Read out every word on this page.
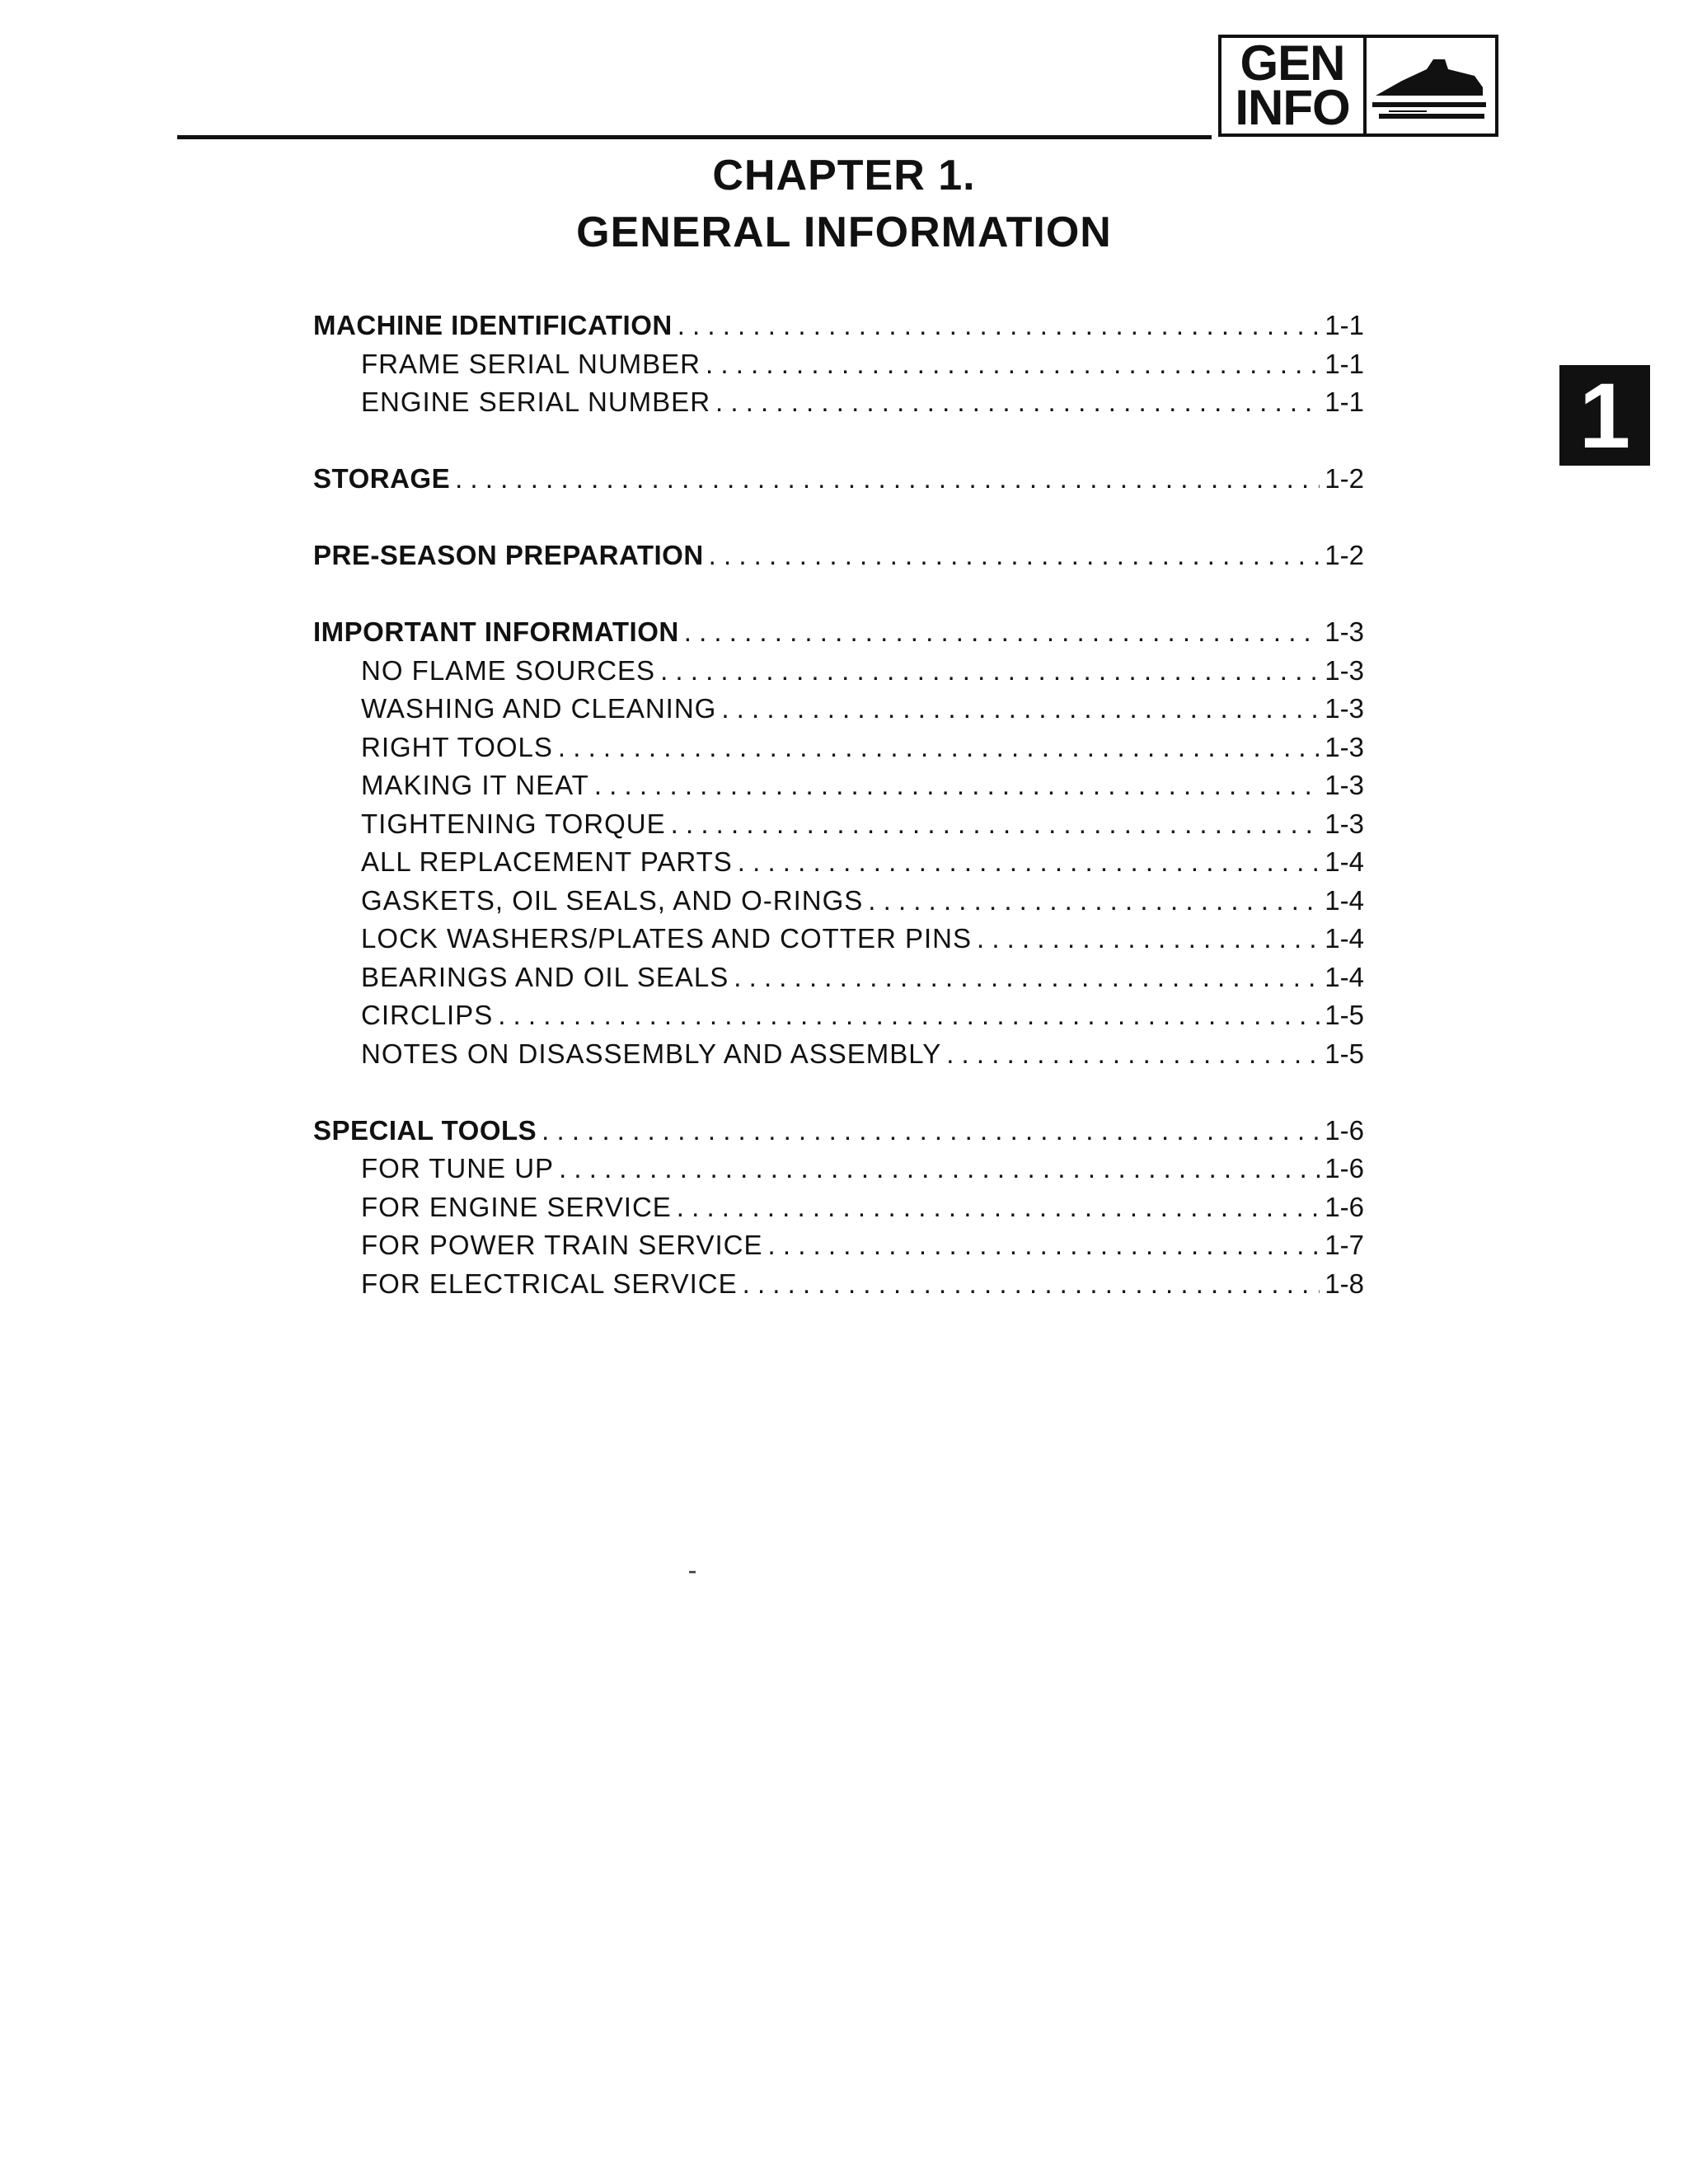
GEN
INFO
1
CHAPTER 1.
GENERAL INFORMATION
MACHINE IDENTIFICATION . . .	1-1
FRAME SERIAL NUMBER . . .	1-1
ENGINE SERIAL NUMBER . . .	1-1
STORAGE . . .	1-2
PRE-SEASON PREPARATION . . .	1-2
IMPORTANT INFORMATION . . .	1-3
NO FLAME SOURCES . . .	1-3
WASHING AND CLEANING . . .	1-3
RIGHT TOOLS . . .	1-3
MAKING IT NEAT . . .	1-3
TIGHTENING TORQUE . . .	1-3
ALL REPLACEMENT PARTS . . .	1-4
GASKETS, OIL SEALS, AND O-RINGS . . .	1-4
LOCK WASHERS/PLATES AND COTTER PINS . . .	1-4
BEARINGS AND OIL SEALS . . .	1-4
CIRCLIPS . . .	1-5
NOTES ON DISASSEMBLY AND ASSEMBLY . . .	1-5
SPECIAL TOOLS . . .	1-6
FOR TUNE UP . . .	1-6
FOR ENGINE SERVICE . . .	1-6
FOR POWER TRAIN SERVICE . . .	1-7
FOR ELECTRICAL SERVICE . . .	1-8
